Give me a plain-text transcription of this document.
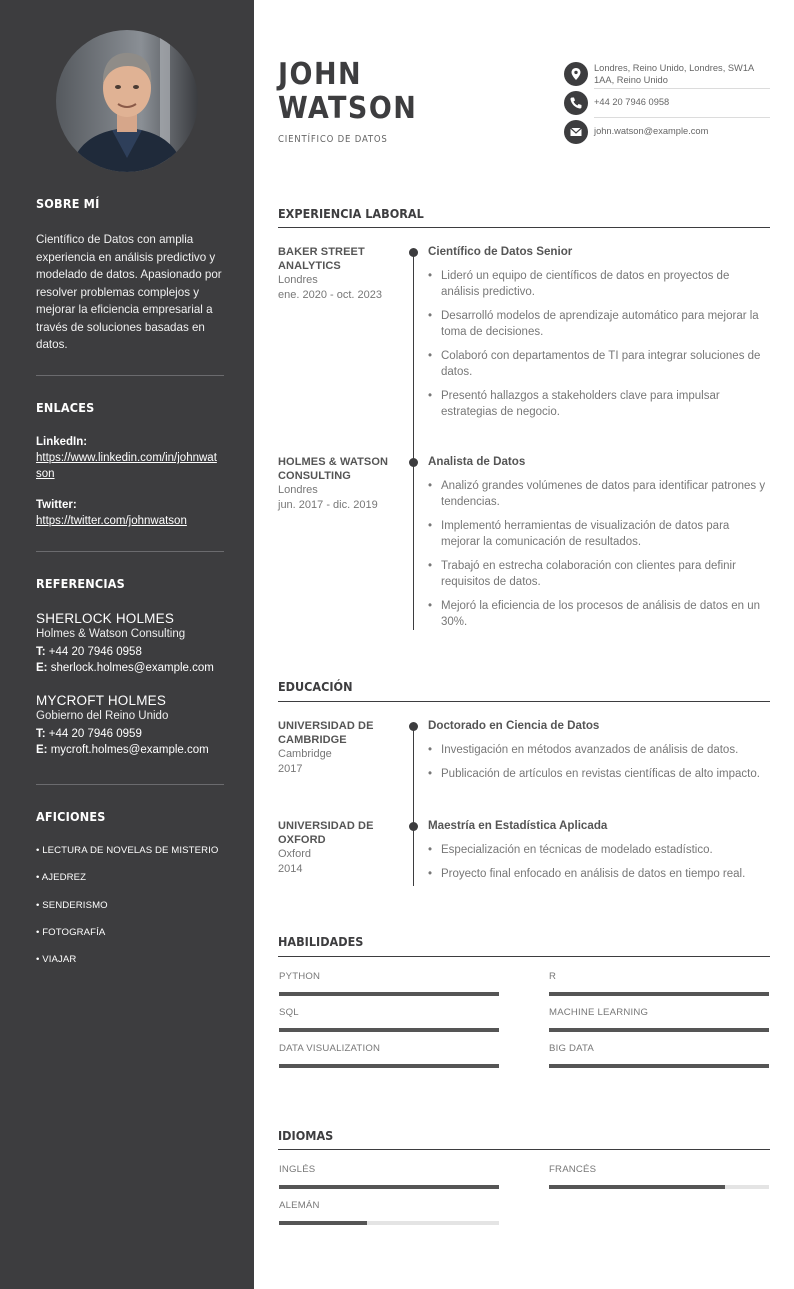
SOBRE MÍ
Científico de Datos con amplia experiencia en análisis predictivo y modelado de datos. Apasionado por resolver problemas complejos y mejorar la eficiencia empresarial a través de soluciones basadas en datos.
ENLACES
LinkedIn:
https://www.linkedin.com/in/johnwatson
Twitter:
https://twitter.com/johnwatson
REFERENCIAS
SHERLOCK HOLMES
Holmes & Watson Consulting
T: +44 20 7946 0958
E: sherlock.holmes@example.com
MYCROFT HOLMES
Gobierno del Reino Unido
T: +44 20 7946 0959
E: mycroft.holmes@example.com
AFICIONES
• LECTURA DE NOVELAS DE MISTERIO
• AJEDREZ
• SENDERISMO
• FOTOGRAFÍA
• VIAJAR
JOHN
WATSON
CIENTÍFICO DE DATOS
Londres, Reino Unido, Londres, SW1A 1AA, Reino Unido
+44 20 7946 0958
john.watson@example.com
EXPERIENCIA LABORAL
BAKER STREET ANALYTICS
Londres
ene. 2020 - oct. 2023
Científico de Datos Senior
• Lideró un equipo de científicos de datos en proyectos de análisis predictivo.
• Desarrolló modelos de aprendizaje automático para mejorar la toma de decisiones.
• Colaboró con departamentos de TI para integrar soluciones de datos.
• Presentó hallazgos a stakeholders clave para impulsar estrategias de negocio.
HOLMES & WATSON CONSULTING
Londres
jun. 2017 - dic. 2019
Analista de Datos
• Analizó grandes volúmenes de datos para identificar patrones y tendencias.
• Implementó herramientas de visualización de datos para mejorar la comunicación de resultados.
• Trabajó en estrecha colaboración con clientes para definir requisitos de datos.
• Mejoró la eficiencia de los procesos de análisis de datos en un 30%.
EDUCACIÓN
UNIVERSIDAD DE CAMBRIDGE
Cambridge
2017
Doctorado en Ciencia de Datos
• Investigación en métodos avanzados de análisis de datos.
• Publicación de artículos en revistas científicas de alto impacto.
UNIVERSIDAD DE OXFORD
Oxford
2014
Maestría en Estadística Aplicada
• Especialización en técnicas de modelado estadístico.
• Proyecto final enfocado en análisis de datos en tiempo real.
HABILIDADES
PYTHON	R
SQL	MACHINE LEARNING
DATA VISUALIZATION	BIG DATA
IDIOMAS
INGLÉS	FRANCÉS
ALEMÁN
